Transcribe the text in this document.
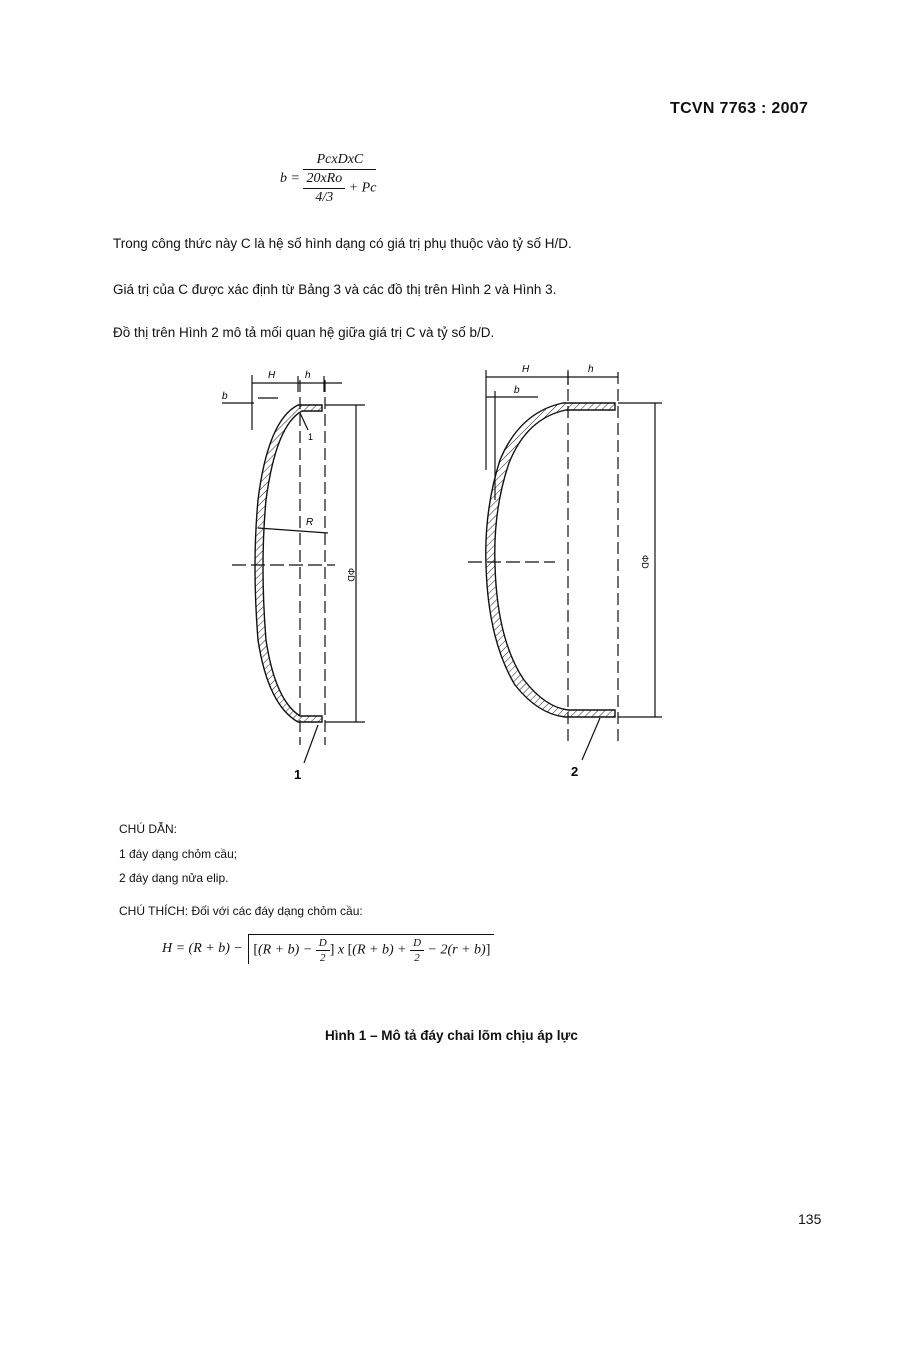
TCVN 7763 : 2007
$b = \frac{\text{PcxDxC}}{\frac{\text{20xRo}}{4/3} + Pc}$
Trong công thức này C là hệ số hình dạng có giá trị phụ thuộc vào tỷ số H/D.
Giá trị của C được xác định từ Bảng 3 và các đồ thị trên Hình 2 và Hình 3.
Đồ thị trên Hình 2 mô tả mối quan hệ giữa giá trị C và tỷ số b/D.
H	h
b
1
R
ΦD
1
H	h
b
ΦD
2
CHÚ DẪN:
1 đáy dạng chỏm cầu;
2 đáy dạng nửa elip.
CHÚ THÍCH: Đối với các đáy dạng chỏm cầu:
$H = (R + b) - [(R + b) - \frac{D}{2}$ ] x $[(R + b) + \frac{D}{2} - 2(r + b)]$
Hình 1 – Mô tả đáy chai lõm chịu áp lực
135
